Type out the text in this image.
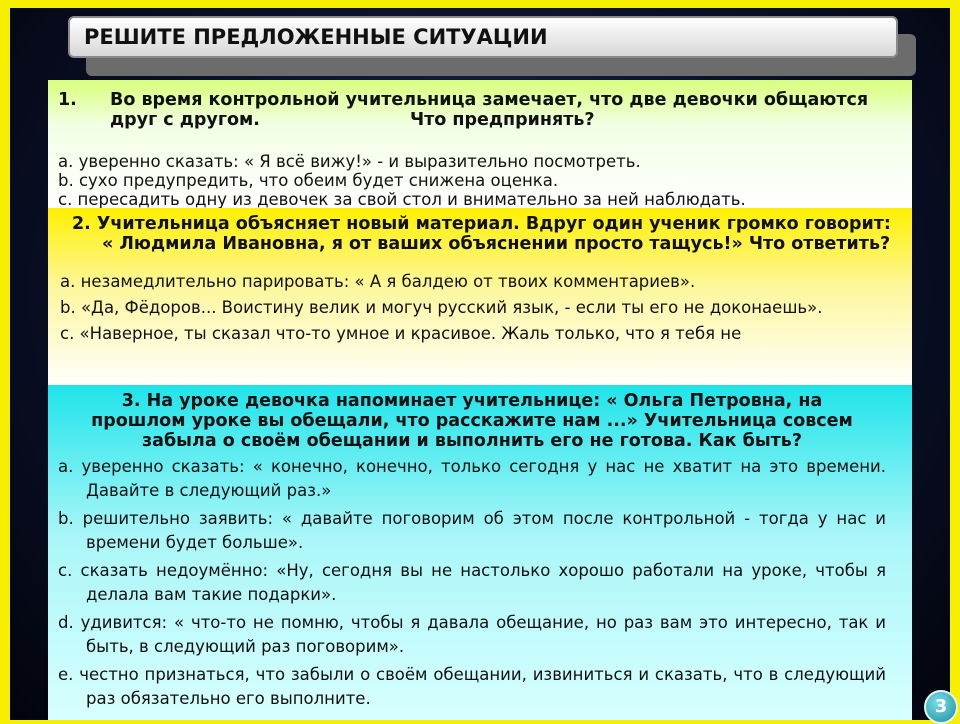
РЕШИТЕ ПРЕДЛОЖЕННЫЕ СИТУАЦИИ
1.	Во время контрольной учительница замечает, что две девочки общаются
друг с другом.	Что предпринять?
a. уверенно сказать: « Я всё вижу!» - и выразительно посмотреть.
b. сухо предупредить, что обеим будет снижена оценка.
c. пересадить одну из девочек за свой стол и внимательно за ней наблюдать.

2. Учительница объясняет новый материал. Вдруг один ученик громко говорит: « Людмила Ивановна, я от ваших объяснении просто тащусь!» Что ответить?

a. незамедлительно парировать: « А я балдею от твоих комментариев».
b. «Да, Фёдоров... Воистину велик и могуч русский язык, - если ты его не доконаешь».
c. «Наверное, ты сказал что-то умное и красивое. Жаль только, что я тебя не

3. На уроке девочка напоминает учительнице: « Ольга Петровна, на прошлом уроке вы обещали, что расскажите нам ...» Учительница совсем забыла о своём обещании и выполнить его не готова. Как быть?

a. уверенно сказать: « конечно, конечно, только сегодня у нас не хватит на это времени. Давайте в следующий раз.»
b. решительно заявить: « давайте поговорим об этом после контрольной - тогда у нас и времени будет больше».
c. сказать недоумённо: «Ну, сегодня вы не настолько хорошо работали на уроке, чтобы я делала вам такие подарки».
d. удивится: « что-то не помню, чтобы я давала обещание, но раз вам это интересно, так и быть, в следующий раз поговорим».
e. честно признаться, что забыли о своём обещании, извиниться и сказать, что в следующий раз обязательно его выполните.	3
